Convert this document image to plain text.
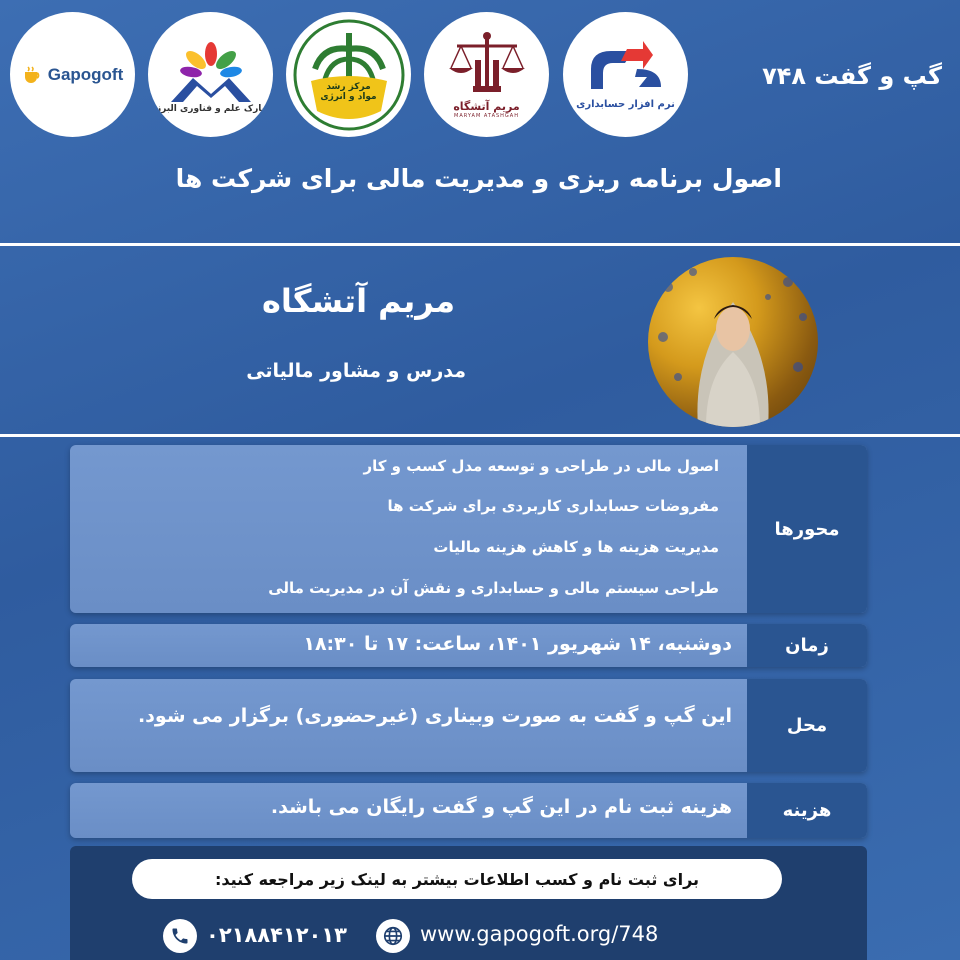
Gapogoft
پارک علم و فناوری البرز
مرکز رشد
مواد و انرژی
مریم آتشگاه
MARYAM ATASHGAH
نرم افزار حسابداری
گپ و گفت ۷۴۸
اصول برنامه ریزی و مدیریت مالی برای شرکت ها
مریم آتشگاه
مدرس و مشاور مالیاتی
محورها
اصول مالی در طراحی و توسعه مدل کسب و کار
مفروضات حسابداری کاربردی برای شرکت ها
مدیریت هزینه ها و کاهش هزینه مالیات
طراحی سیستم مالی و حسابداری و نقش آن در مدیریت مالی
زمان
دوشنبه، ۱۴ شهریور ۱۴۰۱، ساعت: ۱۷ تا ۱۸:۳۰
محل
این گپ و گفت به صورت وبیناری (غیرحضوری) برگزار می شود.
هزینه
هزینه ثبت نام در این گپ و گفت رایگان می باشد.
برای ثبت نام و کسب اطلاعات بیشتر به لینک زیر مراجعه کنید:
۰۲۱۸۸۴۱۲۰۱۳	www.gapogoft.org/748
